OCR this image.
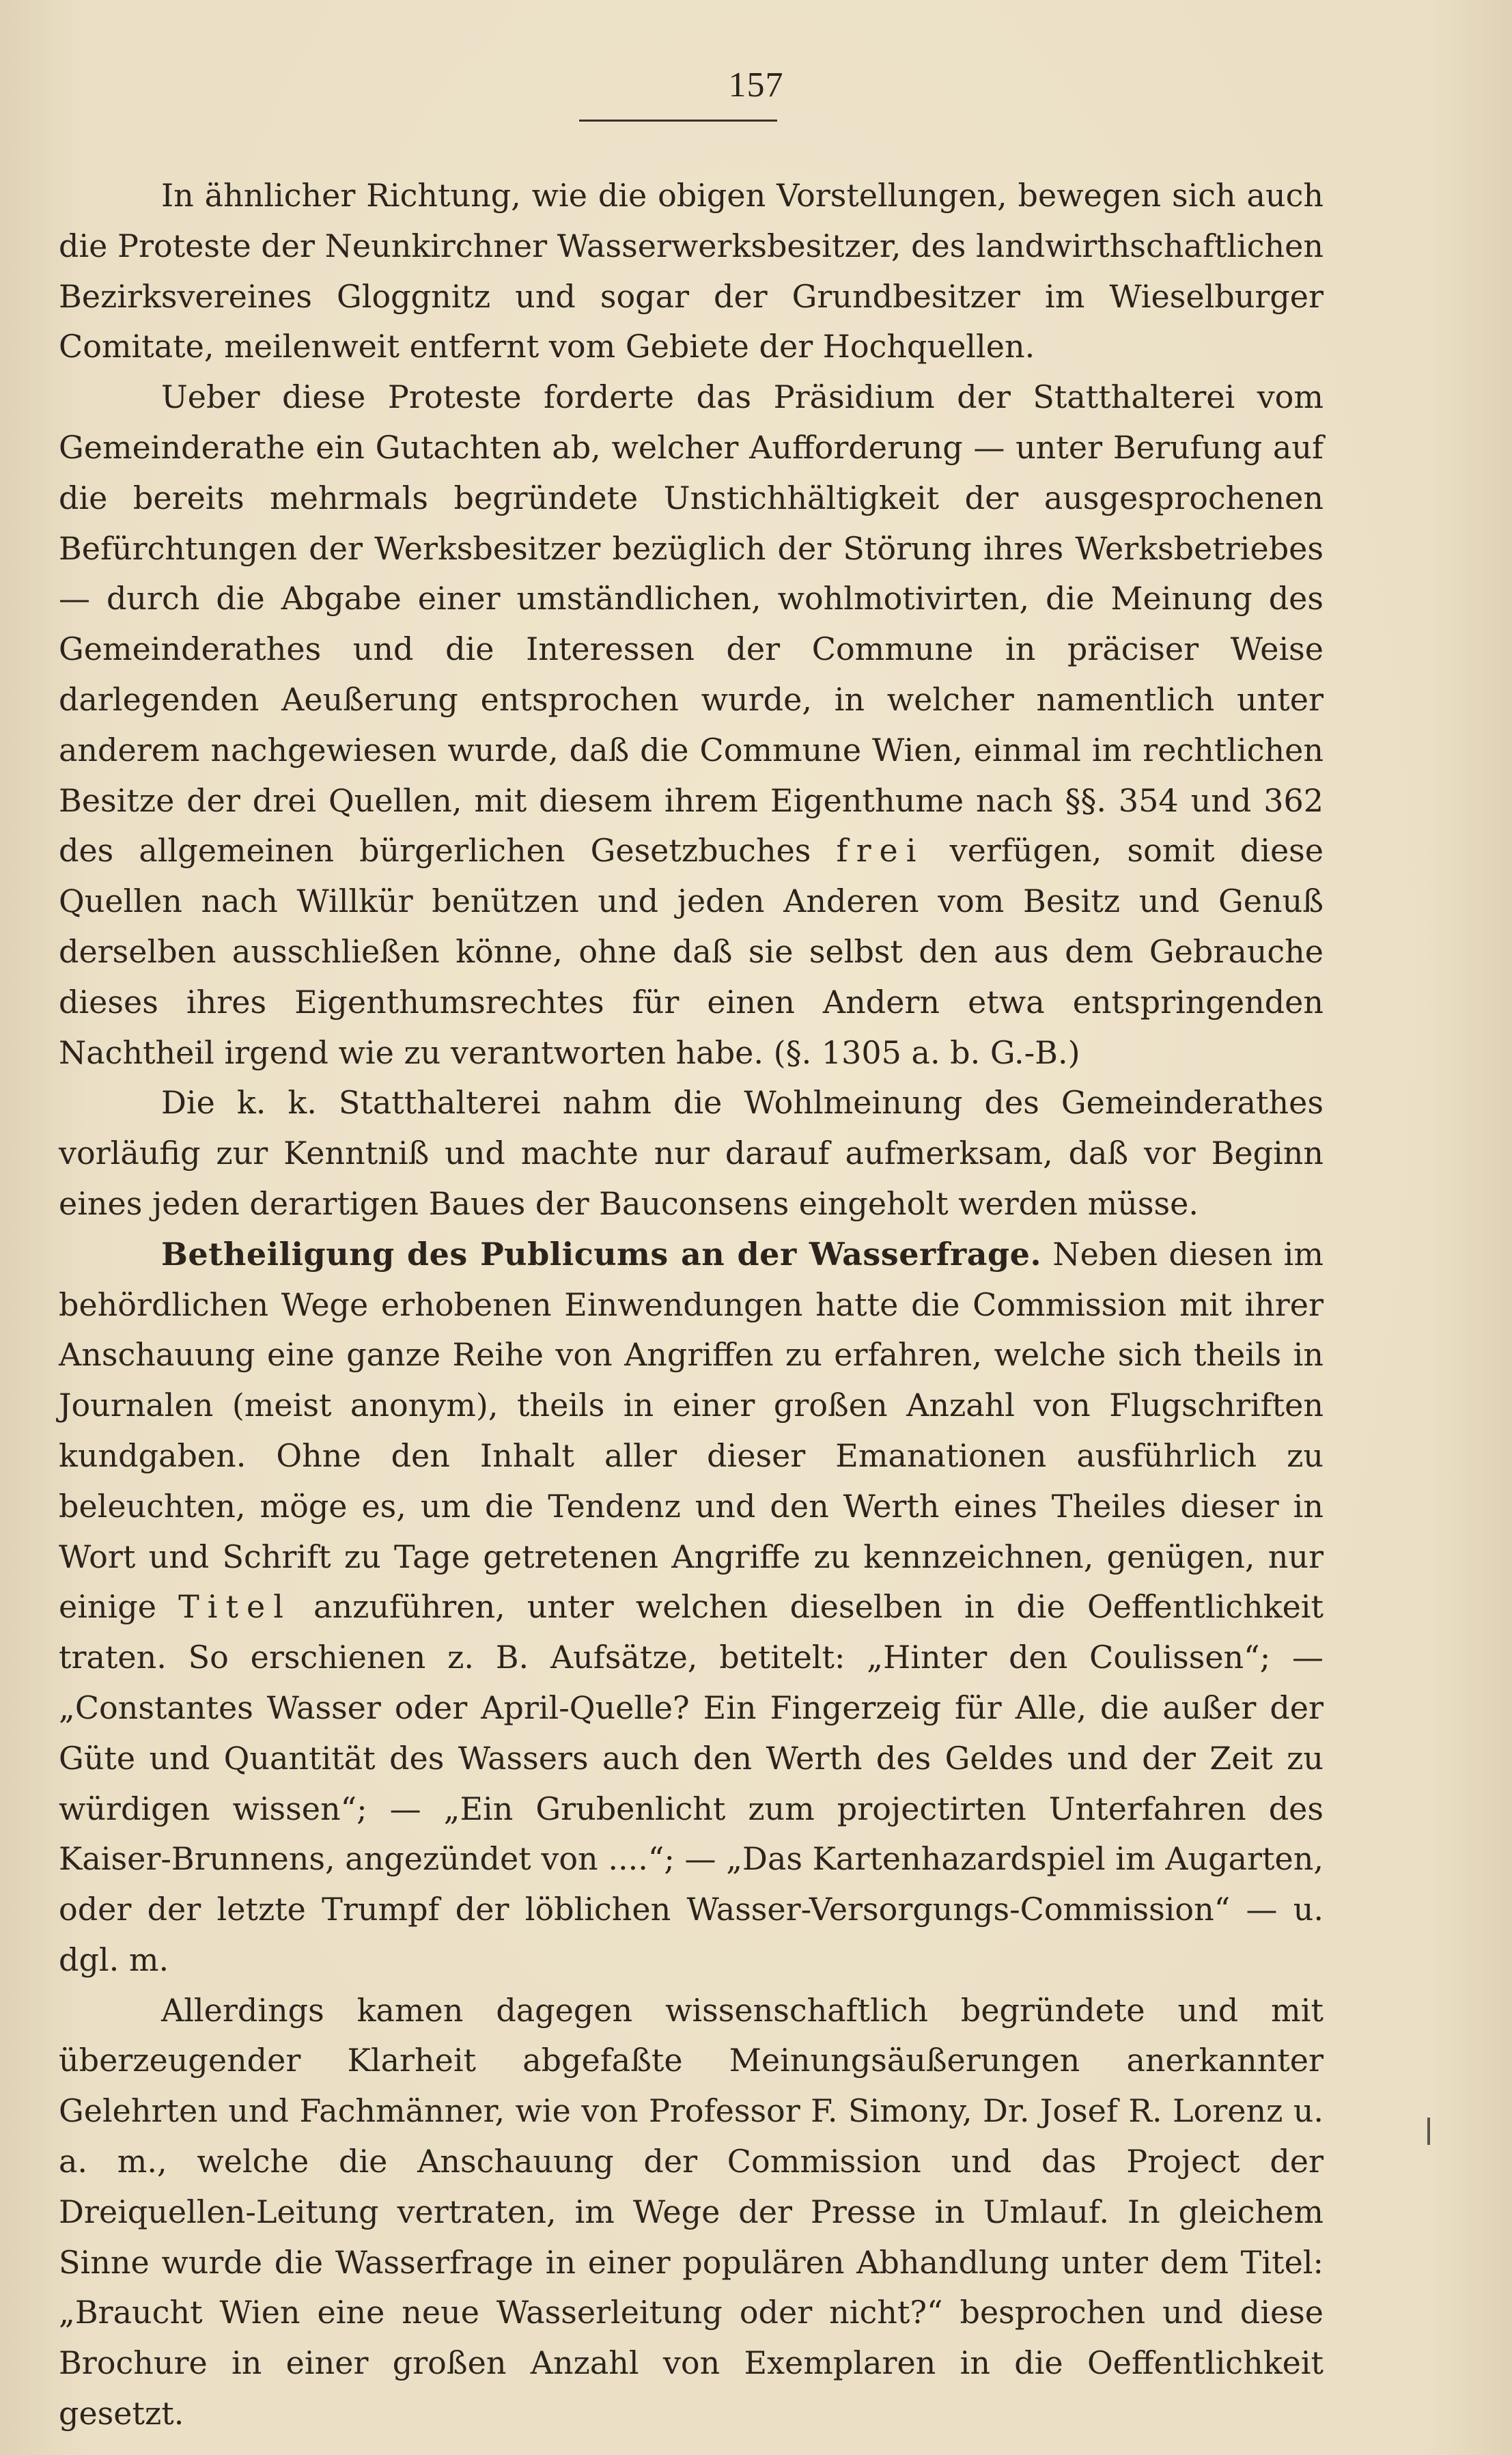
157

In ähnlicher Richtung, wie die obigen Vorstellungen, bewegen sich auch die Proteste der Neunkirchner Wasserwerksbesitzer, des landwirthschaftlichen Bezirksvereines Gloggnitz und sogar der Grundbesitzer im Wieselburger Comitate, meilenweit entfernt vom Gebiete der Hochquellen.

Ueber diese Proteste forderte das Präsidium der Statthalterei vom Gemeinderathe ein Gutachten ab, welcher Aufforderung — unter Berufung auf die bereits mehrmals begründete Unstichhältigkeit der ausgesprochenen Befürchtungen der Werksbesitzer bezüglich der Störung ihres Werksbetriebes — durch die Abgabe einer umständlichen, wohlmotivirten, die Meinung des Gemeinderathes und die Interessen der Commune in präciser Weise darlegenden Aeußerung entsprochen wurde, in welcher namentlich unter anderem nachgewiesen wurde, daß die Commune Wien, einmal im rechtlichen Besitze der drei Quellen, mit diesem ihrem Eigenthume nach §§. 354 und 362 des allgemeinen bürgerlichen Gesetzbuches frei verfügen, somit diese Quellen nach Willkür benützen und jeden Anderen vom Besitz und Genuß derselben ausschließen könne, ohne daß sie selbst den aus dem Gebrauche dieses ihres Eigenthumsrechtes für einen Andern etwa entspringenden Nachtheil irgend wie zu verantworten habe. (§. 1305 a. b. G.-B.)

Die k. k. Statthalterei nahm die Wohlmeinung des Gemeinderathes vorläufig zur Kenntniß und machte nur darauf aufmerksam, daß vor Beginn eines jeden derartigen Baues der Bauconsens eingeholt werden müsse.

Betheiligung des Publicums an der Wasserfrage. Neben diesen im behördlichen Wege erhobenen Einwendungen hatte die Commission mit ihrer Anschauung eine ganze Reihe von Angriffen zu erfahren, welche sich theils in Journalen (meist anonym), theils in einer großen Anzahl von Flugschriften kundgaben. Ohne den Inhalt aller dieser Emanationen ausführlich zu beleuchten, möge es, um die Tendenz und den Werth eines Theiles dieser in Wort und Schrift zu Tage getretenen Angriffe zu kennzeichnen, genügen, nur einige Titel anzuführen, unter welchen dieselben in die Oeffentlichkeit traten. So erschienen z. B. Aufsätze, betitelt: „Hinter den Coulissen“; — „Constantes Wasser oder April-Quelle? Ein Fingerzeig für Alle, die außer der Güte und Quantität des Wassers auch den Werth des Geldes und der Zeit zu würdigen wissen“; — „Ein Grubenlicht zum projectirten Unterfahren des Kaiser-Brunnens, angezündet von ....“; — „Das Kartenhazardspiel im Augarten, oder der letzte Trumpf der löblichen Wasser-Versorgungs-Commission“ — u. dgl. m.

Allerdings kamen dagegen wissenschaftlich begründete und mit überzeugender Klarheit abgefaßte Meinungsäußerungen anerkannter Gelehrten und Fachmänner, wie von Professor F. Simony, Dr. Josef R. Lorenz u. a. m., welche die Anschauung der Commission und das Project der Dreiquellen-Leitung vertraten, im Wege der Presse in Umlauf. In gleichem Sinne wurde die Wasserfrage in einer populären Abhandlung unter dem Titel: „Braucht Wien eine neue Wasserleitung oder nicht?“ besprochen und diese Brochure in einer großen Anzahl von Exemplaren in die Oeffentlichkeit gesetzt.
